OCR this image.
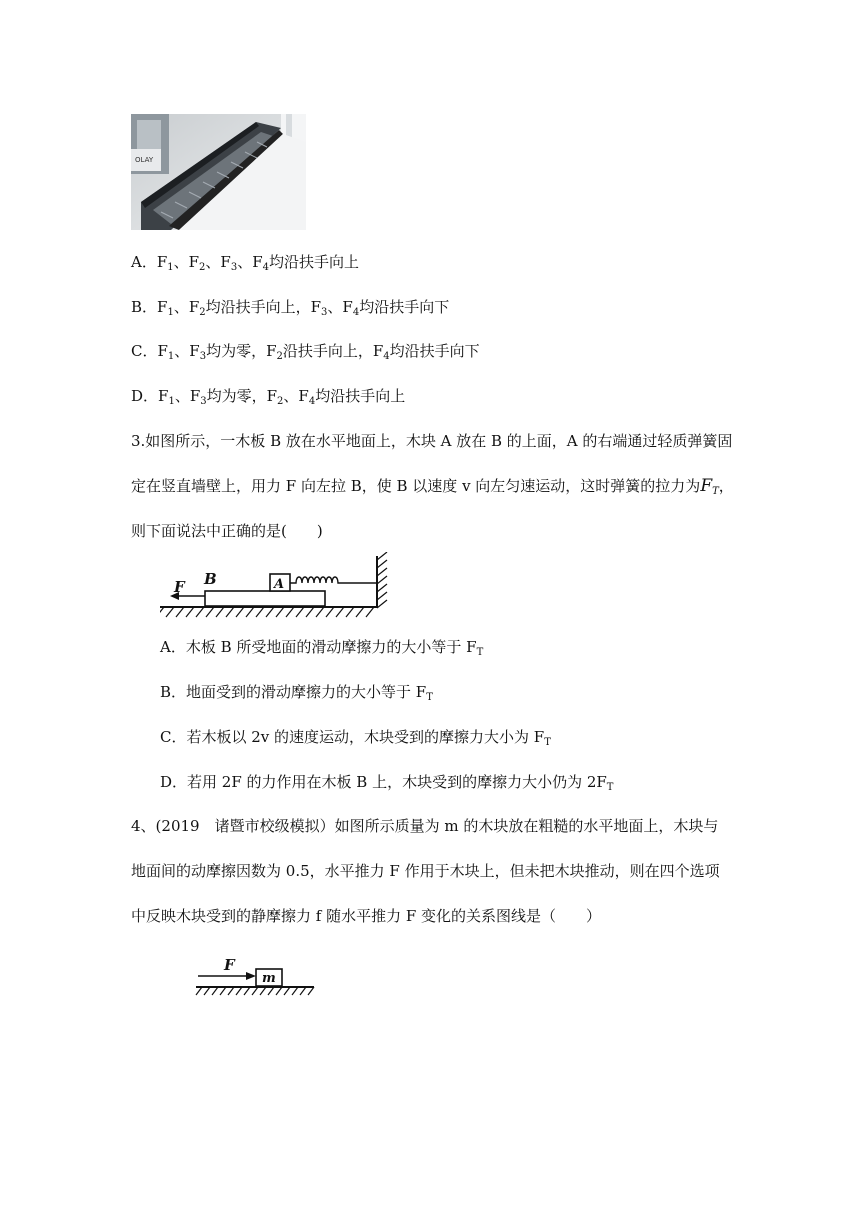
OLAY
A．$F_1$、$F_2$、$F_3$、$F_4$均沿扶手向上
B．$F_1$、$F_2$均沿扶手向上，$F_3$、$F_4$均沿扶手向下
C．$F_1$、$F_3$均为零，$F_2$沿扶手向上，$F_4$均沿扶手向下
D．$F_1$、$F_3$均为零，$F_2$、$F_4$均沿扶手向上
3.如图所示，一木板 B 放在水平地面上，木块 A 放在 B 的上面，A 的右端通过轻质弹簧固
定在竖直墙壁上，用力 F 向左拉 B，使 B 以速度 v 向左匀速运动，这时弹簧的拉力为$F_T$，
则下面说法中正确的是(　　)
A
B
F
A．木板 B 所受地面的滑动摩擦力的大小等于 $F_T$
B．地面受到的滑动摩擦力的大小等于 $F_T$
C．若木板以 2v 的速度运动，木块受到的摩擦力大小为 $F_T$
D．若用 2F 的力作用在木板 B 上，木块受到的摩擦力大小仍为 $2F_T$
4、(2019　诸暨市校级模拟）如图所示质量为 m 的木块放在粗糙的水平地面上，木块与
地面间的动摩擦因数为 0.5，水平推力 F 作用于木块上，但未把木块推动，则在四个选项
中反映木块受到的静摩擦力 f 随水平推力 F 变化的关系图线是（　　）
m
F
